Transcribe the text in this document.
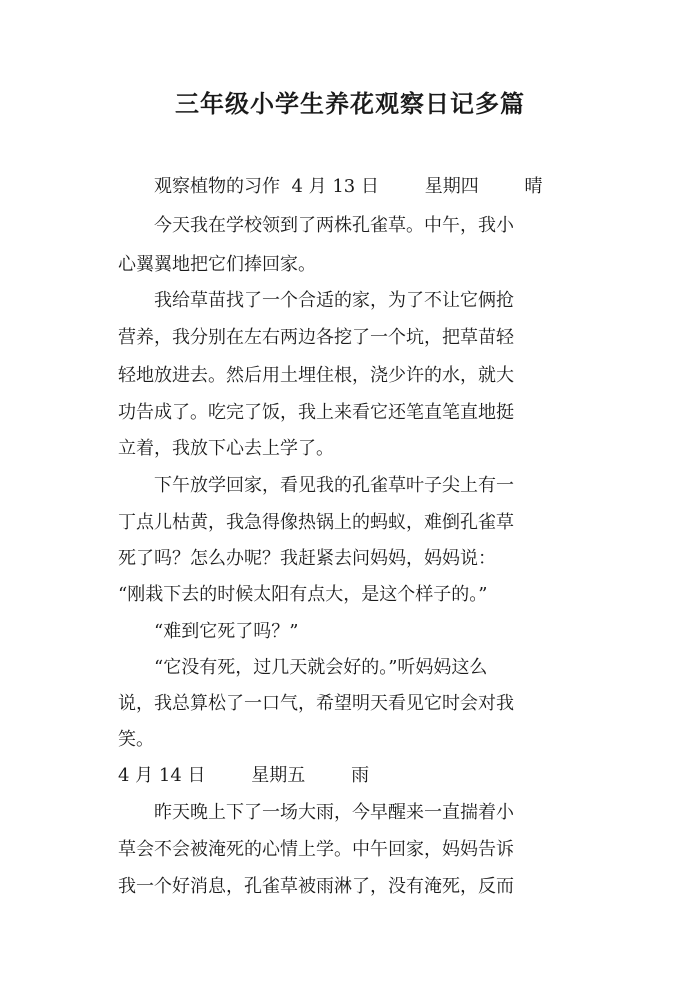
三年级小学生养花观察日记多篇
　　观察植物的习作  4 月 13 日        星期四        晴
　　今天我在学校领到了两株孔雀草。中午，我小
心翼翼地把它们捧回家。
　　我给草苗找了一个合适的家，为了不让它俩抢
营养，我分别在左右两边各挖了一个坑，把草苗轻
轻地放进去。然后用土埋住根，浇少许的水，就大
功告成了。吃完了饭，我上来看它还笔直笔直地挺
立着，我放下心去上学了。
　　下午放学回家，看见我的孔雀草叶子尖上有一
丁点儿枯黄，我急得像热锅上的蚂蚁，难倒孔雀草
死了吗？怎么办呢？我赶紧去问妈妈，妈妈说：
“刚栽下去的时候太阳有点大，是这个样子的。”
　　“难到它死了吗？”
　　“它没有死，过几天就会好的。”听妈妈这么
说，我总算松了一口气，希望明天看见它时会对我
笑。
4 月 14 日        星期五        雨
　　昨天晚上下了一场大雨，今早醒来一直揣着小
草会不会被淹死的心情上学。中午回家，妈妈告诉
我一个好消息，孔雀草被雨淋了，没有淹死，反而
